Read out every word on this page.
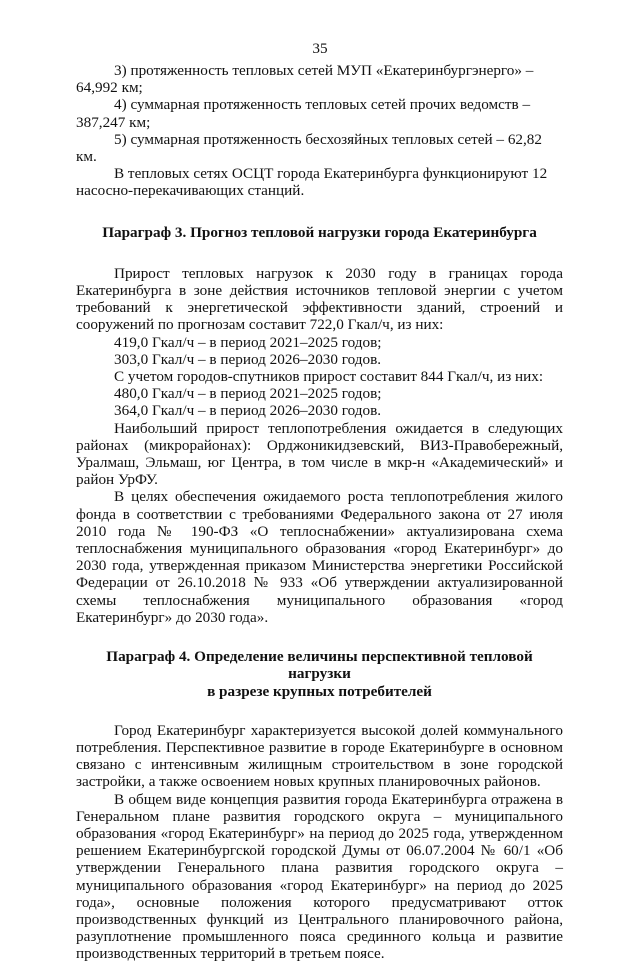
35

3) протяженность тепловых сетей МУП «Екатеринбургэнерго» – 64,992 км;

4) суммарная протяженность тепловых сетей прочих ведомств – 387,247 км;

5) суммарная протяженность бесхозяйных тепловых сетей – 62,82 км.

В тепловых сетях ОСЦТ города Екатеринбурга функционируют 12 насосно-перекачивающих станций.

Параграф 3. Прогноз тепловой нагрузки города Екатеринбурга

Прирост тепловых нагрузок к 2030 году в границах города Екатеринбурга в зоне действия источников тепловой энергии с учетом требований к энергетической эффективности зданий, строений и сооружений по прогнозам составит 722,0 Гкал/ч, из них:

419,0 Гкал/ч – в период 2021–2025 годов;

303,0 Гкал/ч – в период 2026–2030 годов.

С учетом городов-спутников прирост составит 844 Гкал/ч, из них:

480,0 Гкал/ч – в период 2021–2025 годов;

364,0 Гкал/ч – в период 2026–2030 годов.

Наибольший прирост теплопотребления ожидается в следующих районах (микрорайонах): Орджоникидзевский, ВИЗ-Правобережный, Уралмаш, Эльмаш, юг Центра, в том числе в мкр-н «Академический» и район УрФУ.

В целях обеспечения ожидаемого роста теплопотребления жилого фонда в соответствии с требованиями Федерального закона от 27 июля 2010 года № 190-ФЗ «О теплоснабжении» актуализирована схема теплоснабжения муниципального образования «город Екатеринбург» до 2030 года, утвержденная приказом Министерства энергетики Российской Федерации от 26.10.2018 № 933 «Об утверждении актуализированной схемы теплоснабжения муниципального образования «город Екатеринбург» до 2030 года».

Параграф 4. Определение величины перспективной тепловой нагрузки
в разрезе крупных потребителей

Город Екатеринбург характеризуется высокой долей коммунального потребления. Перспективное развитие в городе Екатеринбурге в основном связано с интенсивным жилищным строительством в зоне городской застройки, а также освоением новых крупных планировочных районов.

В общем виде концепция развития города Екатеринбурга отражена в Генеральном плане развития городского округа – муниципального образования «город Екатеринбург» на период до 2025 года, утвержденном решением Екатеринбургской городской Думы от 06.07.2004 № 60/1 «Об утверждении Генерального плана развития городского округа – муниципального образования «город Екатеринбург» на период до 2025 года», основные положения которого предусматривают отток производственных функций из Центрального планировочного района, разуплотнение промышленного пояса срединного кольца и развитие производственных территорий в третьем поясе.
